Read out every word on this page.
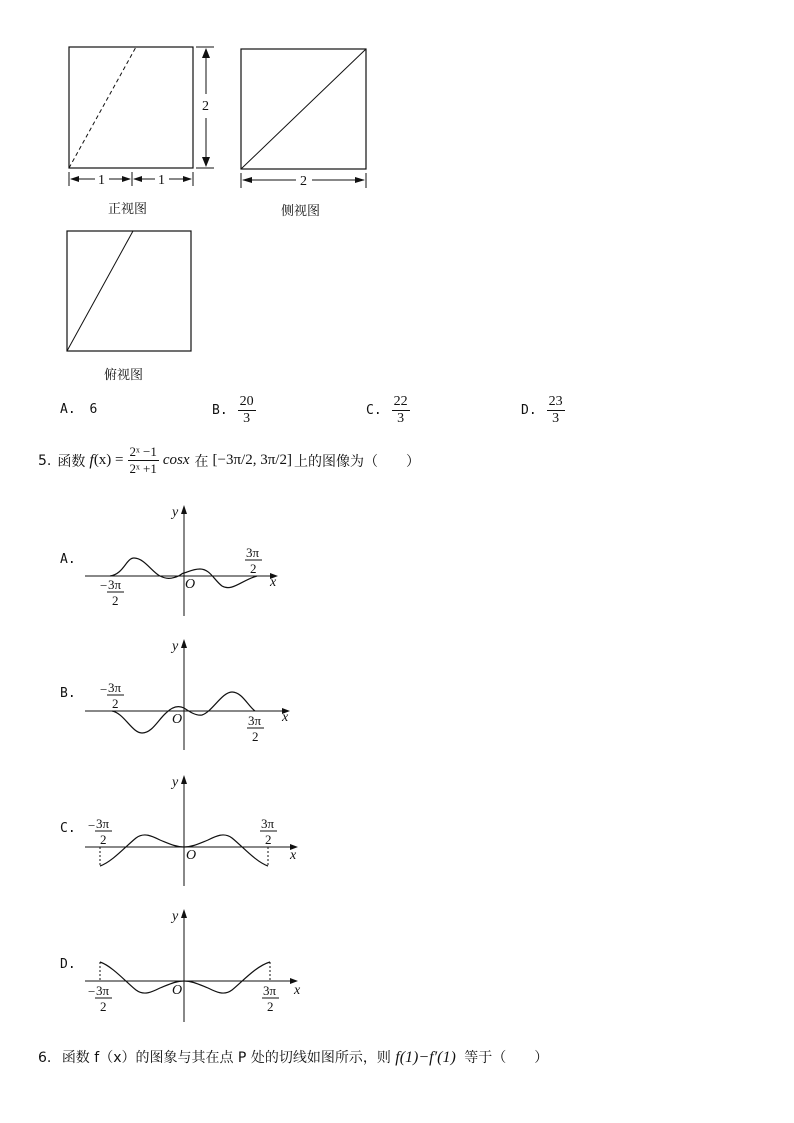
2
1	1	2
正视图	侧视图
俯视图
A. 6	B. $\frac{20}{3}$	C. $\frac{22}{3}$	D. $\frac{23}{3}$
5. 函数 f $(x) = \frac{\text{2ˣ −1}}{\text{2ˣ +1}}$ cosx 在 [−3π/2, 3π/2] 上的图像为（　　）
A.
B.
C.
D.
x
y
O
− 3π
2
3π
2
x
y
O
− 3π
2
3π
2
x
y
O
− 3π
2
3π
2
x
y
O
− 3π
2
3π
2
6. 函数 f（x）的图象与其在点 P 处的切线如图所示，则 f(1)−f′(1) 等于（　　）
